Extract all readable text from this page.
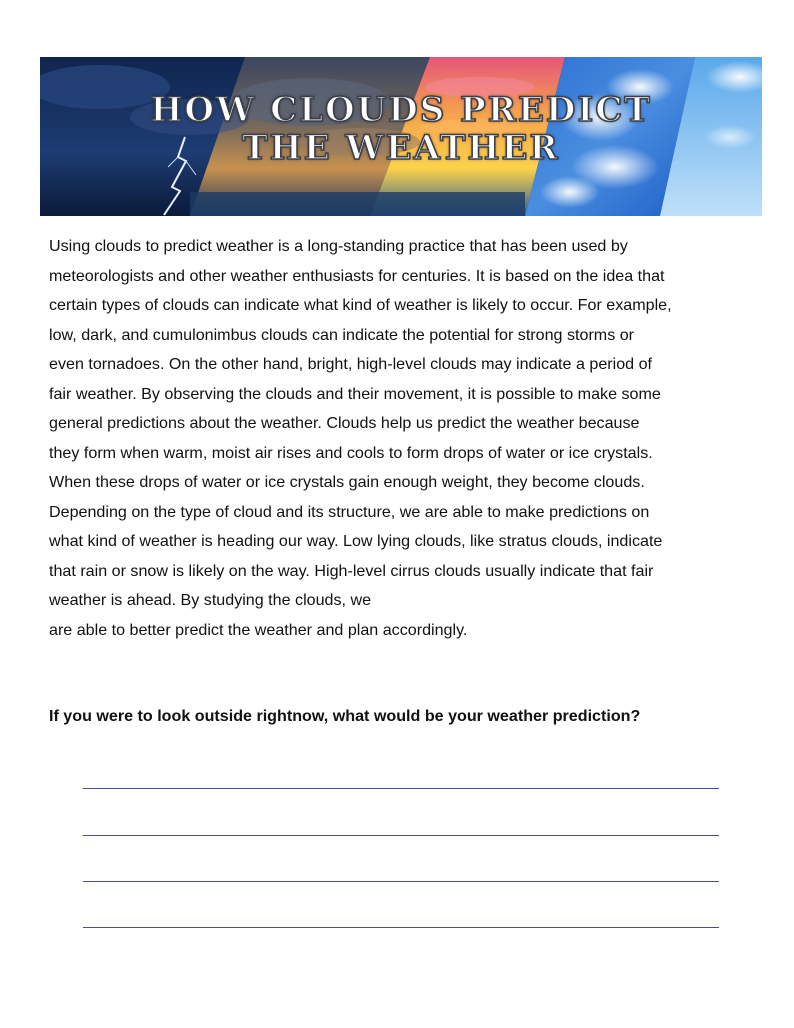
HOW CLOUDS PREDICT
THE WEATHER

Using clouds to predict weather is a long-standing practice that has been used by
meteorologists and other weather enthusiasts for centuries. It is based on the idea that
certain types of clouds can indicate what kind of weather is likely to occur. For example,
low, dark, and cumulonimbus clouds can indicate the potential for strong storms or
even tornadoes. On the other hand, bright, high-level clouds may indicate a period of
fair weather. By observing the clouds and their movement, it is possible to make some
general predictions about the weather. Clouds help us predict the weather because
they form when warm, moist air rises and cools to form drops of water or ice crystals.
When these drops of water or ice crystals gain enough weight, they become clouds.
Depending on the type of cloud and its structure, we are able to make predictions on
what kind of weather is heading our way. Low lying clouds, like stratus clouds, indicate
that rain or snow is likely on the way. High-level cirrus clouds usually indicate that fair
weather is ahead. By studying the clouds, we
are able to better predict the weather and plan accordingly.

If you were to look outside rightnow, what would be your weather prediction?
